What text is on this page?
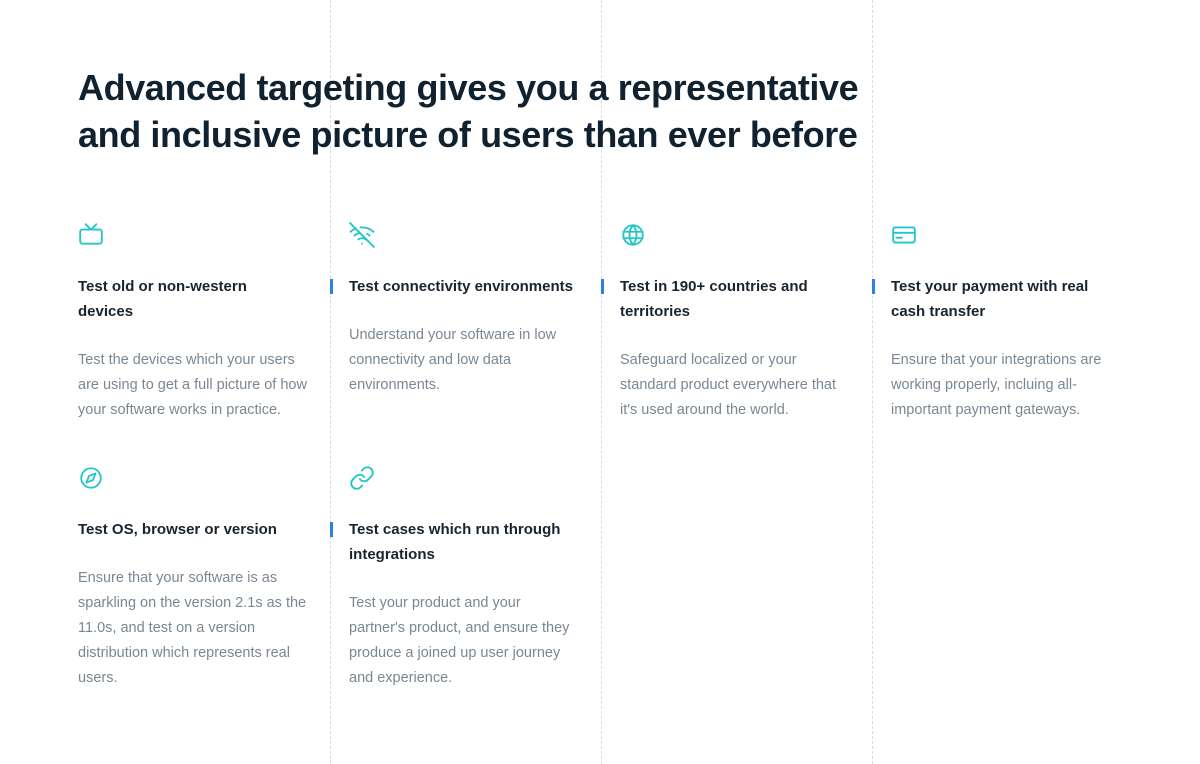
Advanced targeting gives you a representative and inclusive picture of users than ever before
Test old or non-western devices
Test the devices which your users are using to get a full picture of how your software works in practice.
Test connectivity environments
Understand your software in low connectivity and low data environments.
Test in 190+ countries and territories
Safeguard localized or your standard product everywhere that it's used around the world.
Test your payment with real cash transfer
Ensure that your integrations are working properly, incluing all-important payment gateways.
Test OS, browser or version
Ensure that your software is as sparkling on the version 2.1s as the 11.0s, and test on a version distribution which represents real users.
Test cases which run through integrations
Test your product and your partner's product, and ensure they produce a joined up user journey and experience.
